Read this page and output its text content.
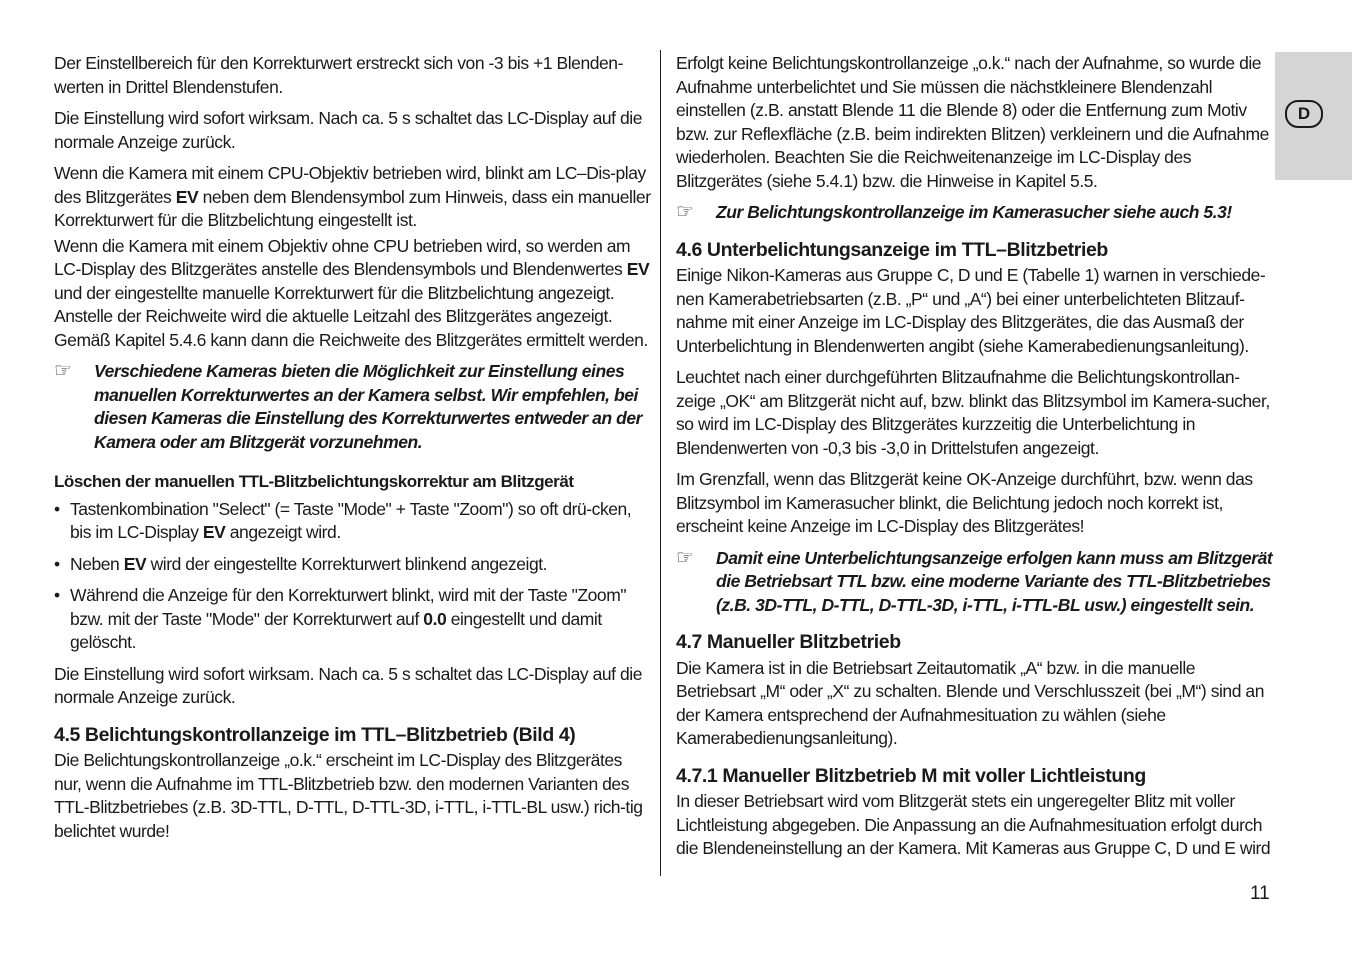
Der Einstellbereich für den Korrekturwert erstreckt sich von -3 bis +1 Blenden-werten in Drittel Blendenstufen.

Die Einstellung wird sofort wirksam. Nach ca. 5 s schaltet das LC-Display auf die normale Anzeige zurück.

Wenn die Kamera mit einem CPU-Objektiv betrieben wird, blinkt am LC–Dis-play des Blitzgerätes EV neben dem Blendensymbol zum Hinweis, dass ein manueller Korrekturwert für die Blitzbelichtung eingestellt ist.

Wenn die Kamera mit einem Objektiv ohne CPU betrieben wird, so werden am LC-Display des Blitzgerätes anstelle des Blendensymbols und Blendenwertes EV und der eingestellte manuelle Korrekturwert für die Blitzbelichtung angezeigt. Anstelle der Reichweite wird die aktuelle Leitzahl des Blitzgerätes angezeigt. Gemäß Kapitel 5.4.6 kann dann die Reichweite des Blitzgerätes ermittelt werden.

☞ Verschiedene Kameras bieten die Möglichkeit zur Einstellung eines manuellen Korrekturwertes an der Kamera selbst. Wir empfehlen, bei diesen Kameras die Einstellung des Korrekturwertes entweder an der Kamera oder am Blitzgerät vorzunehmen.
Löschen der manuellen TTL-Blitzbelichtungskorrektur am Blitzgerät
• Tastenkombination "Select" (= Taste "Mode" + Taste "Zoom") so oft drü-cken, bis im LC-Display EV angezeigt wird.
• Neben EV wird der eingestellte Korrekturwert blinkend angezeigt.
• Während die Anzeige für den Korrekturwert blinkt, wird mit der Taste "Zoom" bzw. mit der Taste "Mode" der Korrekturwert auf 0.0 eingestellt und damit gelöscht.

Die Einstellung wird sofort wirksam. Nach ca. 5 s schaltet das LC-Display auf die normale Anzeige zurück.

4.5 Belichtungskontrollanzeige im TTL–Blitzbetrieb (Bild 4)

Die Belichtungskontrollanzeige „o.k.“ erscheint im LC-Display des Blitzgerätes nur, wenn die Aufnahme im TTL-Blitzbetrieb bzw. den modernen Varianten des TTL-Blitzbetriebes (z.B. 3D-TTL, D-TTL, D-TTL-3D, i-TTL, i-TTL-BL usw.) rich-tig belichtet wurde!

Erfolgt keine Belichtungskontrollanzeige „o.k.“ nach der Aufnahme, so wurde die Aufnahme unterbelichtet und Sie müssen die nächstkleinere Blendenzahl einstellen (z.B. anstatt Blende 11 die Blende 8) oder die Entfernung zum Motiv bzw. zur Reflexfläche (z.B. beim indirekten Blitzen) verkleinern und die Aufnahme wiederholen. Beachten Sie die Reichweitenanzeige im LC-Display des Blitzgerätes (siehe 5.4.1) bzw. die Hinweise in Kapitel 5.5.

☞ Zur Belichtungskontrollanzeige im Kamerasucher siehe auch 5.3!
4.6 Unterbelichtungsanzeige im TTL–Blitzbetrieb

Einige Nikon-Kameras aus Gruppe C, D und E (Tabelle 1) warnen in verschiede-nen Kamerabetriebsarten (z.B. „P“ und „A“) bei einer unterbelichteten Blitzauf-nahme mit einer Anzeige im LC-Display des Blitzgerätes, die das Ausmaß der Unterbelichtung in Blendenwerten angibt (siehe Kamerabedienungsanleitung).

Leuchtet nach einer durchgeführten Blitzaufnahme die Belichtungskontrollan-zeige „OK“ am Blitzgerät nicht auf, bzw. blinkt das Blitzsymbol im Kamera-sucher, so wird im LC-Display des Blitzgerätes kurzzeitig die Unterbelichtung in Blendenwerten von -0,3 bis -3,0 in Drittelstufen angezeigt.

Im Grenzfall, wenn das Blitzgerät keine OK-Anzeige durchführt, bzw. wenn das Blitzsymbol im Kamerasucher blinkt, die Belichtung jedoch noch korrekt ist, erscheint keine Anzeige im LC-Display des Blitzgerätes!

☞ Damit eine Unterbelichtungsanzeige erfolgen kann muss am Blitzgerät die Betriebsart TTL bzw. eine moderne Variante des TTL-Blitzbetriebes (z.B. 3D-TTL, D-TTL, D-TTL-3D, i-TTL, i-TTL-BL usw.) eingestellt sein.
4.7 Manueller Blitzbetrieb

Die Kamera ist in die Betriebsart Zeitautomatik „A“ bzw. in die manuelle Betriebsart „M“ oder „X“ zu schalten. Blende und Verschlusszeit (bei „M“) sind an der Kamera entsprechend der Aufnahmesituation zu wählen (siehe Kamerabedienungsanleitung).

4.7.1 Manueller Blitzbetrieb M mit voller Lichtleistung

In dieser Betriebsart wird vom Blitzgerät stets ein ungeregelter Blitz mit voller Lichtleistung abgegeben. Die Anpassung an die Aufnahmesituation erfolgt durch die Blendeneinstellung an der Kamera. Mit Kameras aus Gruppe C, D und E wird

D
11
